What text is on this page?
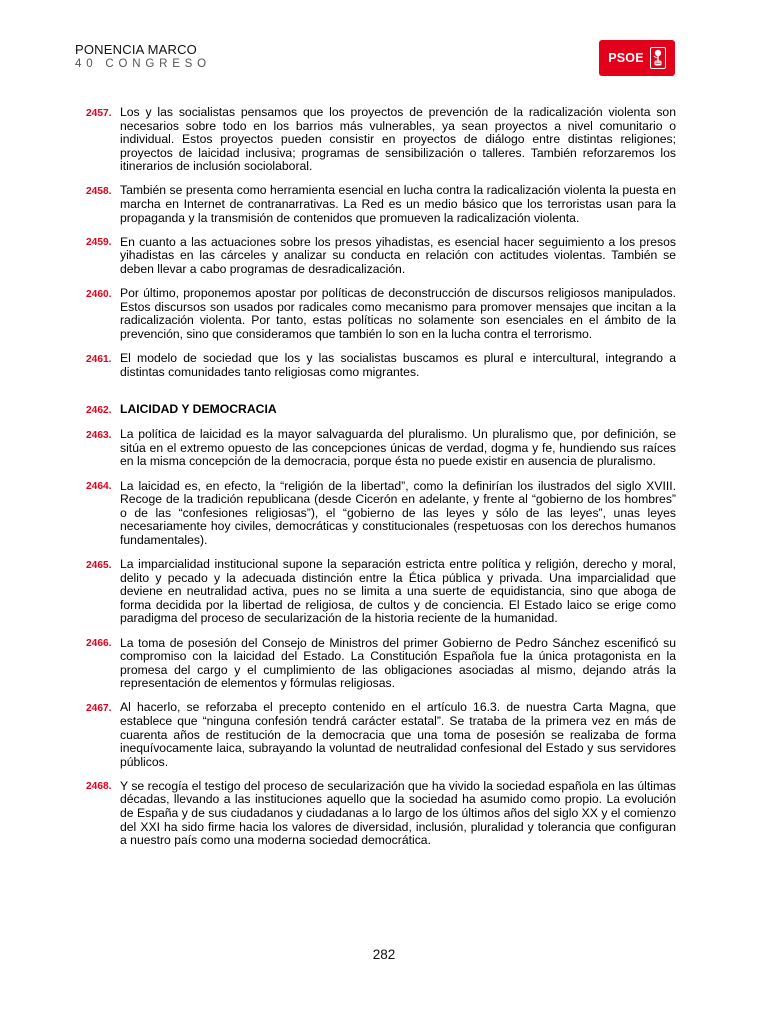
PONENCIA MARCO
40 CONGRESO	PSOE
2457. Los y las socialistas pensamos que los proyectos de prevención de la radicalización violenta son necesarios sobre todo en los barrios más vulnerables, ya sean proyectos a nivel comunitario o individual. Estos proyectos pueden consistir en proyectos de diálogo entre distintas religiones; proyectos de laicidad inclusiva; programas de sensibilización o talleres. También reforzaremos los itinerarios de inclusión sociolaboral.
2458. También se presenta como herramienta esencial en lucha contra la radicalización violenta la puesta en marcha en Internet de contranarrativas. La Red es un medio básico que los terroristas usan para la propaganda y la transmisión de contenidos que promueven la radicalización violenta.
2459. En cuanto a las actuaciones sobre los presos yihadistas, es esencial hacer seguimiento a los presos yihadistas en las cárceles y analizar su conducta en relación con actitudes violentas. También se deben llevar a cabo programas de desradicalización.
2460. Por último, proponemos apostar por políticas de deconstrucción de discursos religiosos manipulados. Estos discursos son usados por radicales como mecanismo para promover mensajes que incitan a la radicalización violenta. Por tanto, estas políticas no solamente son esenciales en el ámbito de la prevención, sino que consideramos que también lo son en la lucha contra el terrorismo.
2461. El modelo de sociedad que los y las socialistas buscamos es plural e intercultural, integrando a distintas comunidades tanto religiosas como migrantes.
2462. LAICIDAD Y DEMOCRACIA
2463. La política de laicidad es la mayor salvaguarda del pluralismo. Un pluralismo que, por definición, se sitúa en el extremo opuesto de las concepciones únicas de verdad, dogma y fe, hundiendo sus raíces en la misma concepción de la democracia, porque ésta no puede existir en ausencia de pluralismo.
2464. La laicidad es, en efecto, la “religión de la libertad”, como la definirían los ilustrados del siglo XVIII. Recoge de la tradición republicana (desde Cicerón en adelante, y frente al “gobierno de los hombres” o de las “confesiones religiosas”), el “gobierno de las leyes y sólo de las leyes”, unas leyes necesariamente hoy civiles, democráticas y constitucionales (respetuosas con los derechos humanos fundamentales).
2465. La imparcialidad institucional supone la separación estricta entre política y religión, derecho y moral, delito y pecado y la adecuada distinción entre la Ética pública y privada. Una imparcialidad que deviene en neutralidad activa, pues no se limita a una suerte de equidistancia, sino que aboga de forma decidida por la libertad de religiosa, de cultos y de conciencia. El Estado laico se erige como paradigma del proceso de secularización de la historia reciente de la humanidad.
2466. La toma de posesión del Consejo de Ministros del primer Gobierno de Pedro Sánchez escenificó su compromiso con la laicidad del Estado. La Constitución Española fue la única protagonista en la promesa del cargo y el cumplimiento de las obligaciones asociadas al mismo, dejando atrás la representación de elementos y fórmulas religiosas.
2467. Al hacerlo, se reforzaba el precepto contenido en el artículo 16.3. de nuestra Carta Magna, que establece que “ninguna confesión tendrá carácter estatal”. Se trataba de la primera vez en más de cuarenta años de restitución de la democracia que una toma de posesión se realizaba de forma inequívocamente laica, subrayando la voluntad de neutralidad confesional del Estado y sus servidores públicos.
2468. Y se recogía el testigo del proceso de secularización que ha vivido la sociedad española en las últimas décadas, llevando a las instituciones aquello que la sociedad ha asumido como propio. La evolución de España y de sus ciudadanos y ciudadanas a lo largo de los últimos años del siglo XX y el comienzo del XXI ha sido firme hacia los valores de diversidad, inclusión, pluralidad y tolerancia que configuran a nuestro país como una moderna sociedad democrática.
282
